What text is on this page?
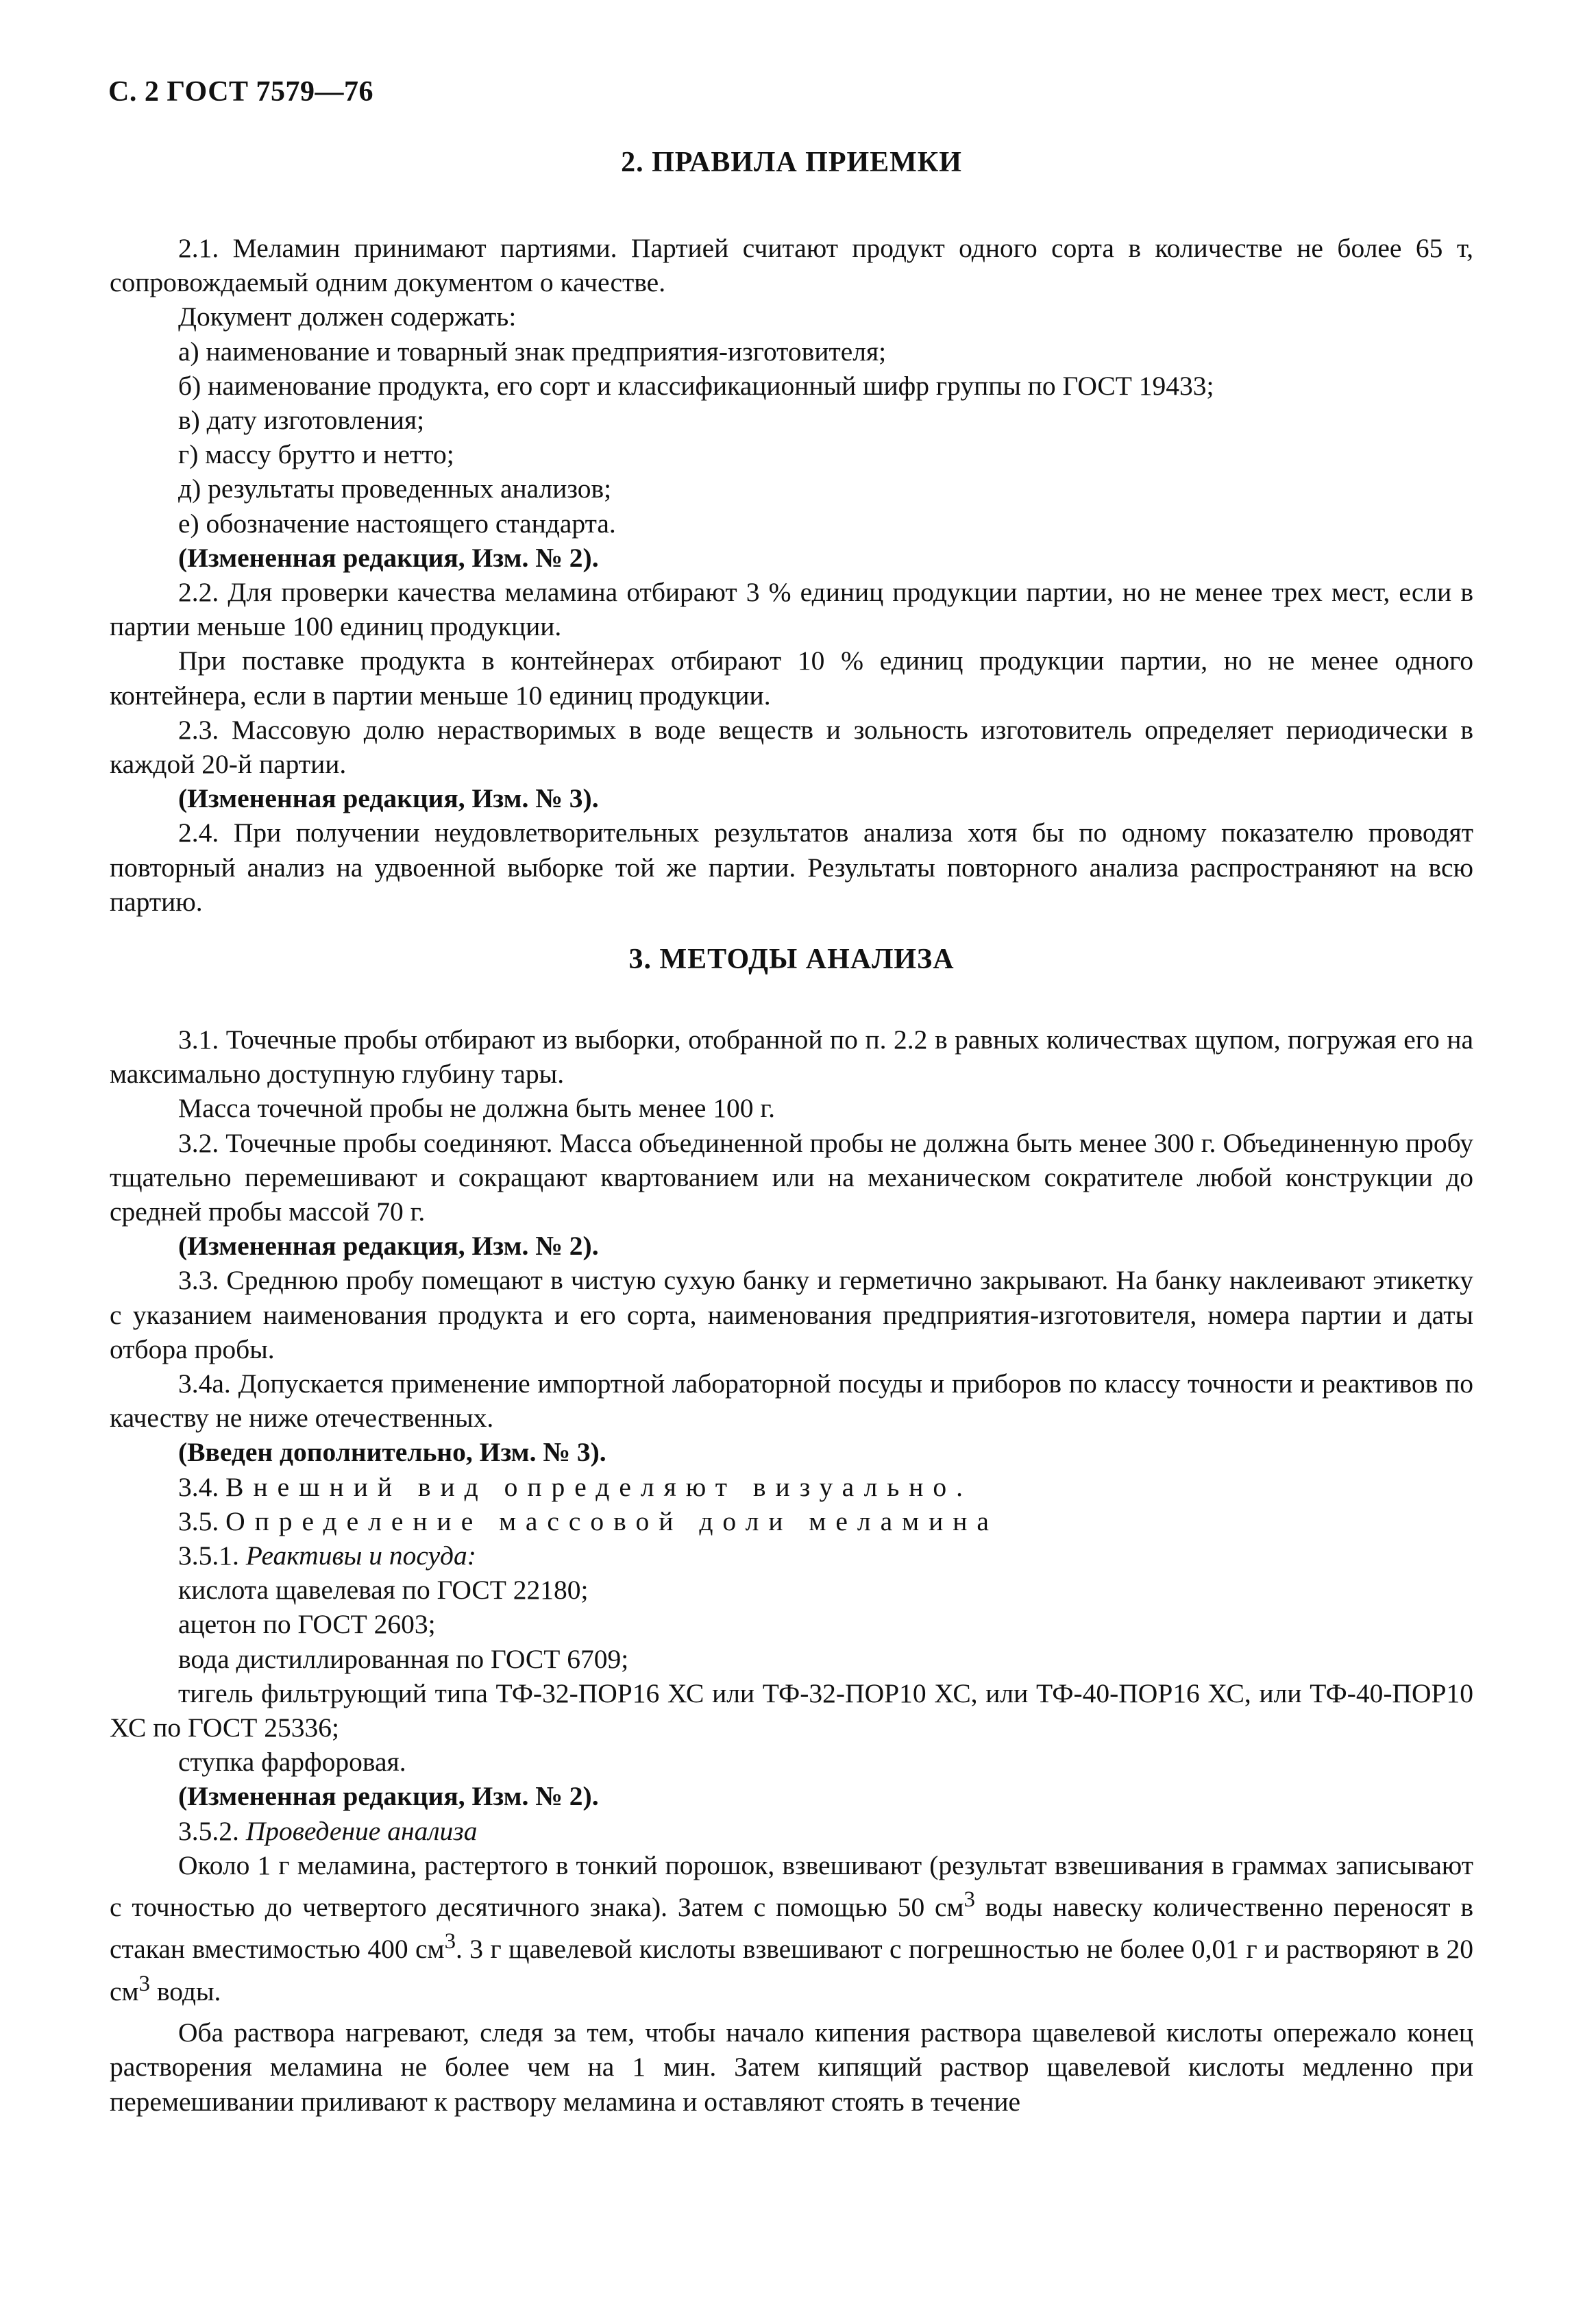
С. 2 ГОСТ 7579—76
2. ПРАВИЛА ПРИЕМКИ

2.1. Меламин принимают партиями. Партией считают продукт одного сорта в количестве не более 65 т, сопровождаемый одним документом о качестве.

Документ должен содержать:

а) наименование и товарный знак предприятия-изготовителя;

б) наименование продукта, его сорт и классификационный шифр группы по ГОСТ 19433;

в) дату изготовления;

г) массу брутто и нетто;

д) результаты проведенных анализов;

е) обозначение настоящего стандарта.

(Измененная редакция, Изм. № 2).

2.2. Для проверки качества меламина отбирают 3 % единиц продукции партии, но не менее трех мест, если в партии меньше 100 единиц продукции.

При поставке продукта в контейнерах отбирают 10 % единиц продукции партии, но не менее одного контейнера, если в партии меньше 10 единиц продукции.

2.3. Массовую долю нерастворимых в воде веществ и зольность изготовитель определяет периодически в каждой 20-й партии.

(Измененная редакция, Изм. № 3).

2.4. При получении неудовлетворительных результатов анализа хотя бы по одному показателю проводят повторный анализ на удвоенной выборке той же партии. Результаты повторного анализа распространяют на всю партию.

3. МЕТОДЫ АНАЛИЗА

3.1. Точечные пробы отбирают из выборки, отобранной по п. 2.2 в равных количествах щупом, погружая его на максимально доступную глубину тары.

Масса точечной пробы не должна быть менее 100 г.

3.2. Точечные пробы соединяют. Масса объединенной пробы не должна быть менее 300 г. Объединенную пробу тщательно перемешивают и сокращают квартованием или на механическом сократителе любой конструкции до средней пробы массой 70 г.

(Измененная редакция, Изм. № 2).

3.3. Среднюю пробу помещают в чистую сухую банку и герметично закрывают. На банку наклеивают этикетку с указанием наименования продукта и его сорта, наименования предприятия-изготовителя, номера партии и даты отбора пробы.

3.4а. Допускается применение импортной лабораторной посуды и приборов по классу точности и реактивов по качеству не ниже отечественных.

(Введен дополнительно, Изм. № 3).

3.4. Внешний вид определяют визуально.

3.5. Определение массовой доли меламина

3.5.1. Реактивы и посуда:

кислота щавелевая по ГОСТ 22180;

ацетон по ГОСТ 2603;

вода дистиллированная по ГОСТ 6709;

тигель фильтрующий типа ТФ-32-ПОР16 ХС или ТФ-32-ПОР10 ХС, или ТФ-40-ПОР16 ХС, или ТФ-40-ПОР10 ХС по ГОСТ 25336;

ступка фарфоровая.

(Измененная редакция, Изм. № 2).

3.5.2. Проведение анализа

Около 1 г меламина, растертого в тонкий порошок, взвешивают (результат взвешивания в граммах записывают с точностью до четвертого десятичного знака). Затем с помощью 50 $см^3$ воды навеску количественно переносят в стакан вместимостью 400 $см^3$. 3 г щавелевой кислоты взвешивают с погрешностью не более 0,01 г и растворяют в 20 $см^3$ воды.

Оба раствора нагревают, следя за тем, чтобы начало кипения раствора щавелевой кислоты опережало конец растворения меламина не более чем на 1 мин. Затем кипящий раствор щавелевой кислоты медленно при перемешивании приливают к раствору меламина и оставляют стоять в течение
